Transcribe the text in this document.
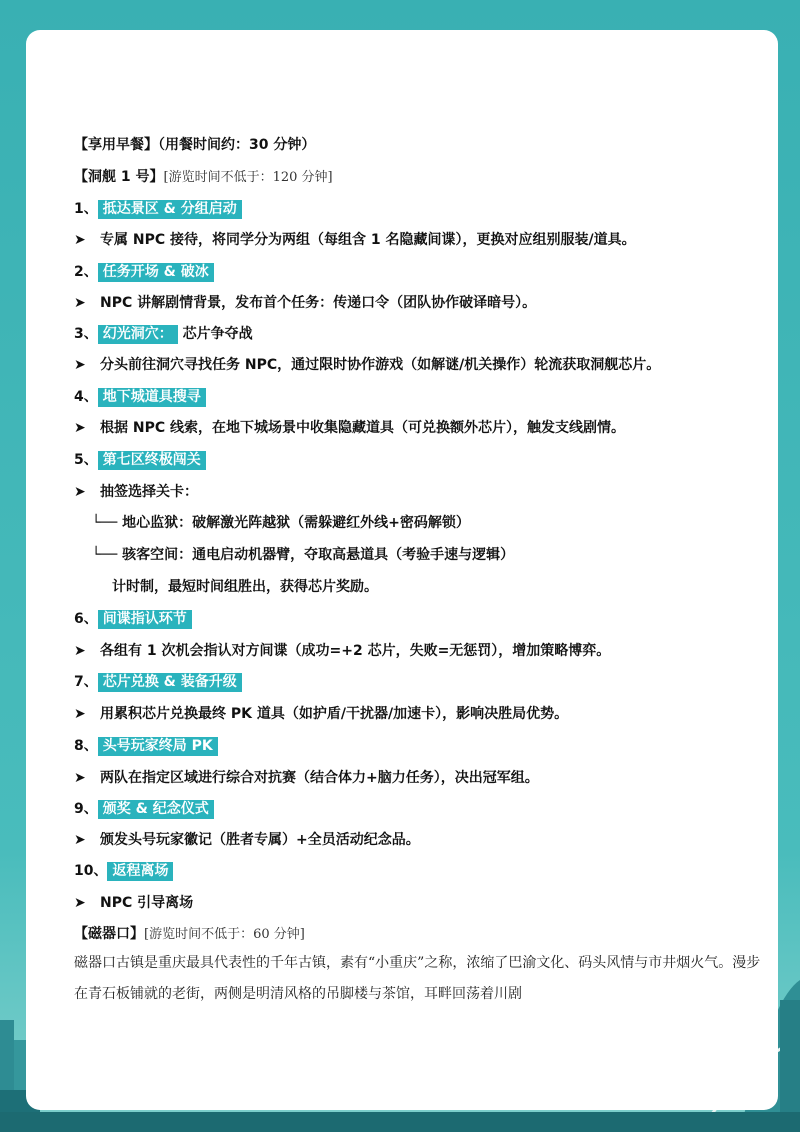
【享用早餐】（用餐时间约：30 分钟）
【洞舰 1 号】[游览时间不低于：120 分钟]
1、 抵达景区 & 分组启动
➤ 专属 NPC 接待，将同学分为两组（每组含 1 名隐藏间谍），更换对应组别服装/道具。
2、 任务开场 & 破冰
➤ NPC 讲解剧情背景，发布首个任务：传递口令（团队协作破译暗号）。
3、 幻光洞穴： 芯片争夺战
➤ 分头前往洞穴寻找任务 NPC，通过限时协作游戏（如解谜/机关操作）轮流获取洞舰芯片。
4、 地下城道具搜寻
➤ 根据 NPC 线索，在地下城场景中收集隐藏道具（可兑换额外芯片），触发支线剧情。
5、 第七区终极闯关
➤ 抽签选择关卡：
└── 地心监狱：破解激光阵越狱（需躲避红外线+密码解锁）
└── 骇客空间：通电启动机器臂，夺取高悬道具（考验手速与逻辑）
计时制，最短时间组胜出，获得芯片奖励。
6、 间谍指认环节
➤ 各组有 1 次机会指认对方间谍（成功=+2 芯片，失败=无惩罚），增加策略博弈。
7、 芯片兑换 & 装备升级
➤ 用累积芯片兑换最终 PK 道具（如护盾/干扰器/加速卡），影响决胜局优势。
8、 头号玩家终局 PK
➤ 两队在指定区域进行综合对抗赛（结合体力+脑力任务），决出冠军组。
9、 颁奖 & 纪念仪式
➤ 颁发头号玩家徽记（胜者专属）+全员活动纪念品。
10、 返程离场
➤ NPC 引导离场
【磁器口】[游览时间不低于：60 分钟]
磁器口古镇是重庆最具代表性的千年古镇，素有“小重庆”之称，浓缩了巴渝文化、码头风情与市井烟火气。漫步在青石板铺就的老街，两侧是明清风格的吊脚楼与茶馆，耳畔回荡着川剧
